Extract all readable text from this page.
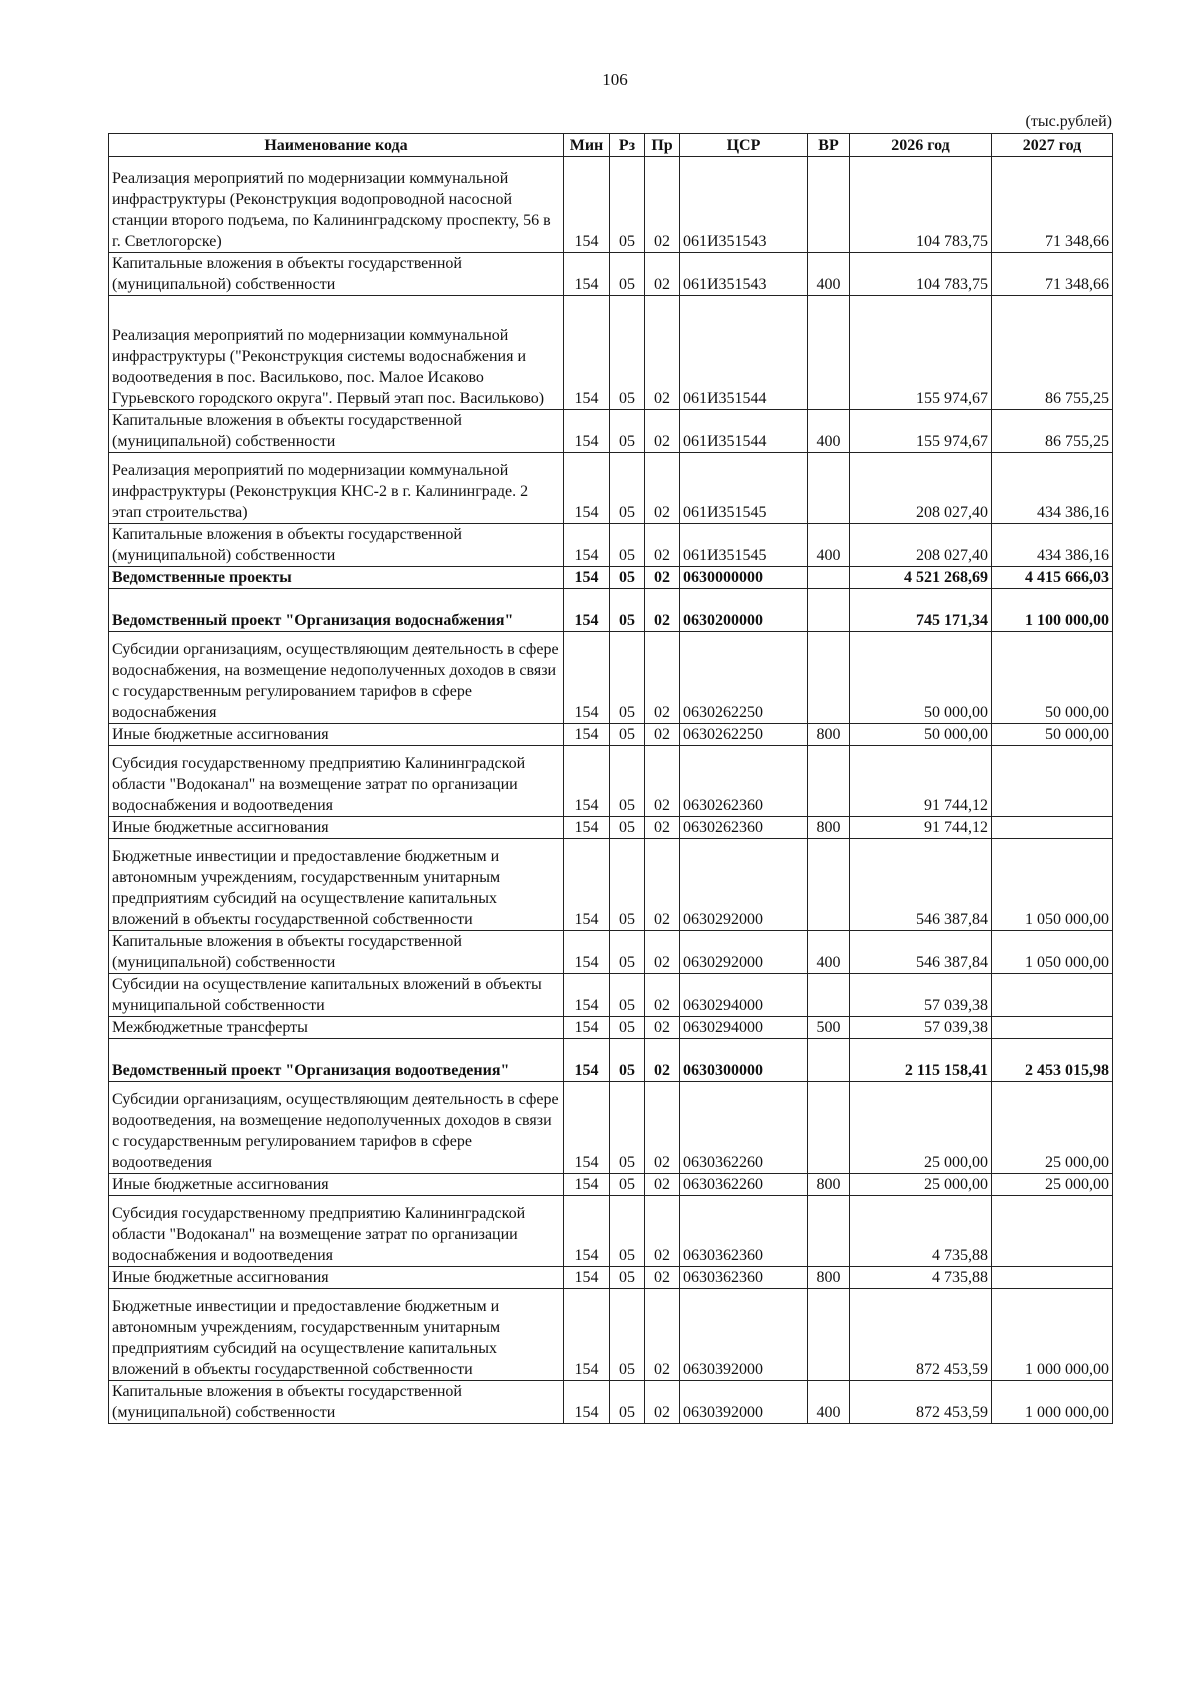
106
(тыс.рублей)
Наименование кода	Мин	Рз	Пр	ЦСР	ВР	2026 год	2027 год
Реализация мероприятий по модернизации коммунальной инфраструктуры (Реконструкция водопроводной насосной станции второго подъема, по Калининградскому проспекту, 56 в г. Светлогорске)	154	05	02	061И351543		104 783,75	71 348,66
Капитальные вложения в объекты государственной (муниципальной) собственности	154	05	02	061И351543	400	104 783,75	71 348,66
Реализация мероприятий по модернизации коммунальной инфраструктуры ("Реконструкция системы водоснабжения и водоотведения в пос. Васильково, пос. Малое Исаково Гурьевского городского округа". Первый этап пос. Васильково)	154	05	02	061И351544		155 974,67	86 755,25
Капитальные вложения в объекты государственной (муниципальной) собственности	154	05	02	061И351544	400	155 974,67	86 755,25
Реализация мероприятий по модернизации коммунальной инфраструктуры (Реконструкция КНС-2 в г. Калининграде. 2 этап строительства)	154	05	02	061И351545		208 027,40	434 386,16
Капитальные вложения в объекты государственной (муниципальной) собственности	154	05	02	061И351545	400	208 027,40	434 386,16
Ведомственные проекты	154	05	02	0630000000		4 521 268,69	4 415 666,03
Ведомственный проект "Организация водоснабжения"	154	05	02	0630200000		745 171,34	1 100 000,00
Субсидии организациям, осуществляющим деятельность в сфере водоснабжения, на возмещение недополученных доходов в связи с государственным регулированием тарифов в сфере водоснабжения	154	05	02	0630262250		50 000,00	50 000,00
Иные бюджетные ассигнования	154	05	02	0630262250	800	50 000,00	50 000,00
Субсидия государственному предприятию Калининградской области "Водоканал" на возмещение затрат по организации водоснабжения и водоотведения	154	05	02	0630262360		91 744,12	
Иные бюджетные ассигнования	154	05	02	0630262360	800	91 744,12	
Бюджетные инвестиции и предоставление бюджетным и автономным учреждениям, государственным унитарным предприятиям субсидий на осуществление капитальных вложений в объекты государственной собственности	154	05	02	0630292000		546 387,84	1 050 000,00
Капитальные вложения в объекты государственной (муниципальной) собственности	154	05	02	0630292000	400	546 387,84	1 050 000,00
Субсидии на осуществление капитальных вложений в объекты муниципальной собственности	154	05	02	0630294000		57 039,38	
Межбюджетные трансферты	154	05	02	0630294000	500	57 039,38	
Ведомственный проект "Организация водоотведения"	154	05	02	0630300000		2 115 158,41	2 453 015,98
Субсидии организациям, осуществляющим деятельность в сфере водоотведения, на возмещение недополученных доходов в связи с государственным регулированием тарифов в сфере водоотведения	154	05	02	0630362260		25 000,00	25 000,00
Иные бюджетные ассигнования	154	05	02	0630362260	800	25 000,00	25 000,00
Субсидия государственному предприятию Калининградской области "Водоканал" на возмещение затрат по организации водоснабжения и водоотведения	154	05	02	0630362360		4 735,88	
Иные бюджетные ассигнования	154	05	02	0630362360	800	4 735,88	
Бюджетные инвестиции и предоставление бюджетным и автономным учреждениям, государственным унитарным предприятиям субсидий на осуществление капитальных вложений в объекты государственной собственности	154	05	02	0630392000		872 453,59	1 000 000,00
Капитальные вложения в объекты государственной (муниципальной) собственности	154	05	02	0630392000	400	872 453,59	1 000 000,00
